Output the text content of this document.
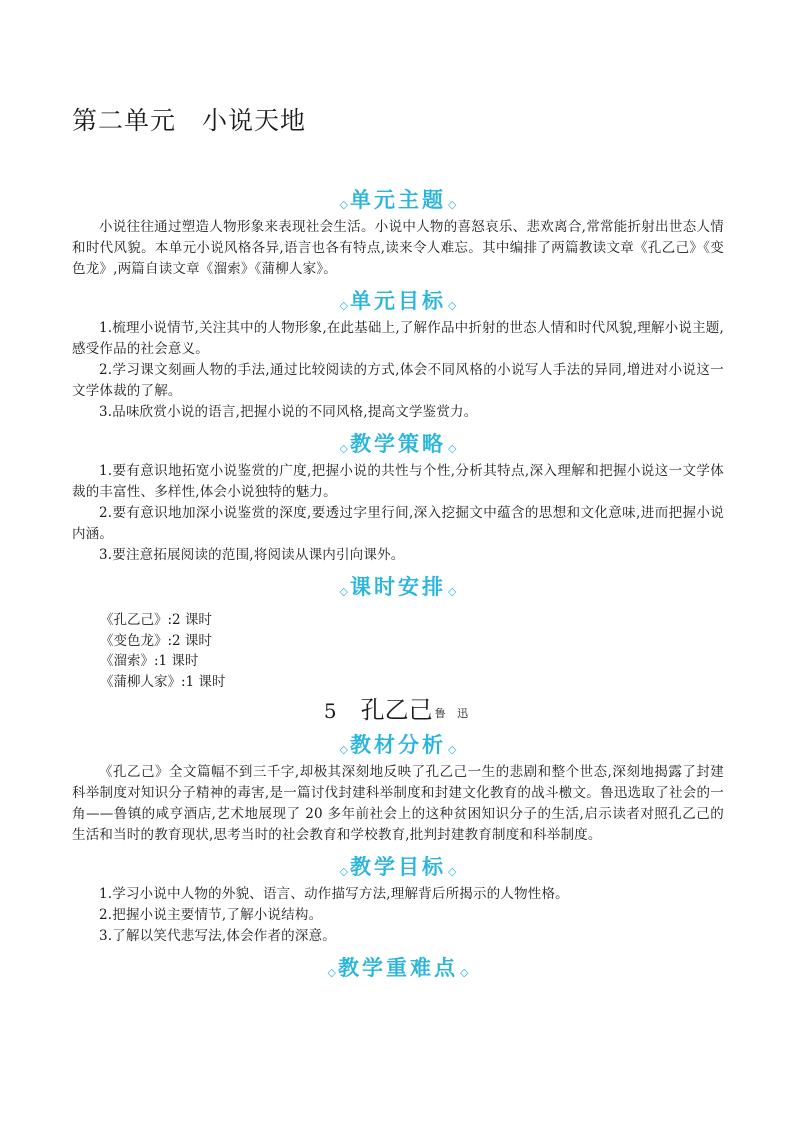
第二单元 小说天地
◇单元主题 ◇

小说往往通过塑造人物形象来表现社会生活。小说中人物的喜怒哀乐、悲欢离合,常常能折射出世态人情和时代风貌。本单元小说风格各异,语言也各有特点,读来令人难忘。其中编排了两篇教读文章《孔乙己》《变色龙》,两篇自读文章《溜索》《蒲柳人家》。

◇单元目标 ◇

1.梳理小说情节,关注其中的人物形象,在此基础上,了解作品中折射的世态人情和时代风貌,理解小说主题,感受作品的社会意义。

2.学习课文刻画人物的手法,通过比较阅读的方式,体会不同风格的小说写人手法的异同,增进对小说这一文学体裁的了解。

3.品味欣赏小说的语言,把握小说的不同风格,提高文学鉴赏力。

◇教学策略 ◇

1.要有意识地拓宽小说鉴赏的广度,把握小说的共性与个性,分析其特点,深入理解和把握小说这一文学体裁的丰富性、多样性,体会小说独特的魅力。

2.要有意识地加深小说鉴赏的深度,要透过字里行间,深入挖掘文中蕴含的思想和文化意味,进而把握小说内涵。

3.要注意拓展阅读的范围,将阅读从课内引向课外。

◇课时安排 ◇

《孔乙己》:2 课时

《变色龙》:2 课时

《溜索》:1 课时

《蒲柳人家》:1 课时

5 孔乙己 鲁 迅
◇教材分析 ◇

《孔乙己》全文篇幅不到三千字,却极其深刻地反映了孔乙己一生的悲剧和整个世态,深刻地揭露了封建科举制度对知识分子精神的毒害,是一篇讨伐封建科举制度和封建文化教育的战斗檄文。鲁迅选取了社会的一角——鲁镇的咸亨酒店,艺术地展现了 20 多年前社会上的这种贫困知识分子的生活,启示读者对照孔乙己的生活和当时的教育现状,思考当时的社会教育和学校教育,批判封建教育制度和科举制度。

◇教学目标 ◇

1.学习小说中人物的外貌、语言、动作描写方法,理解背后所揭示的人物性格。

2.把握小说主要情节,了解小说结构。

3.了解以笑代悲写法,体会作者的深意。

◇教学重难点 ◇
